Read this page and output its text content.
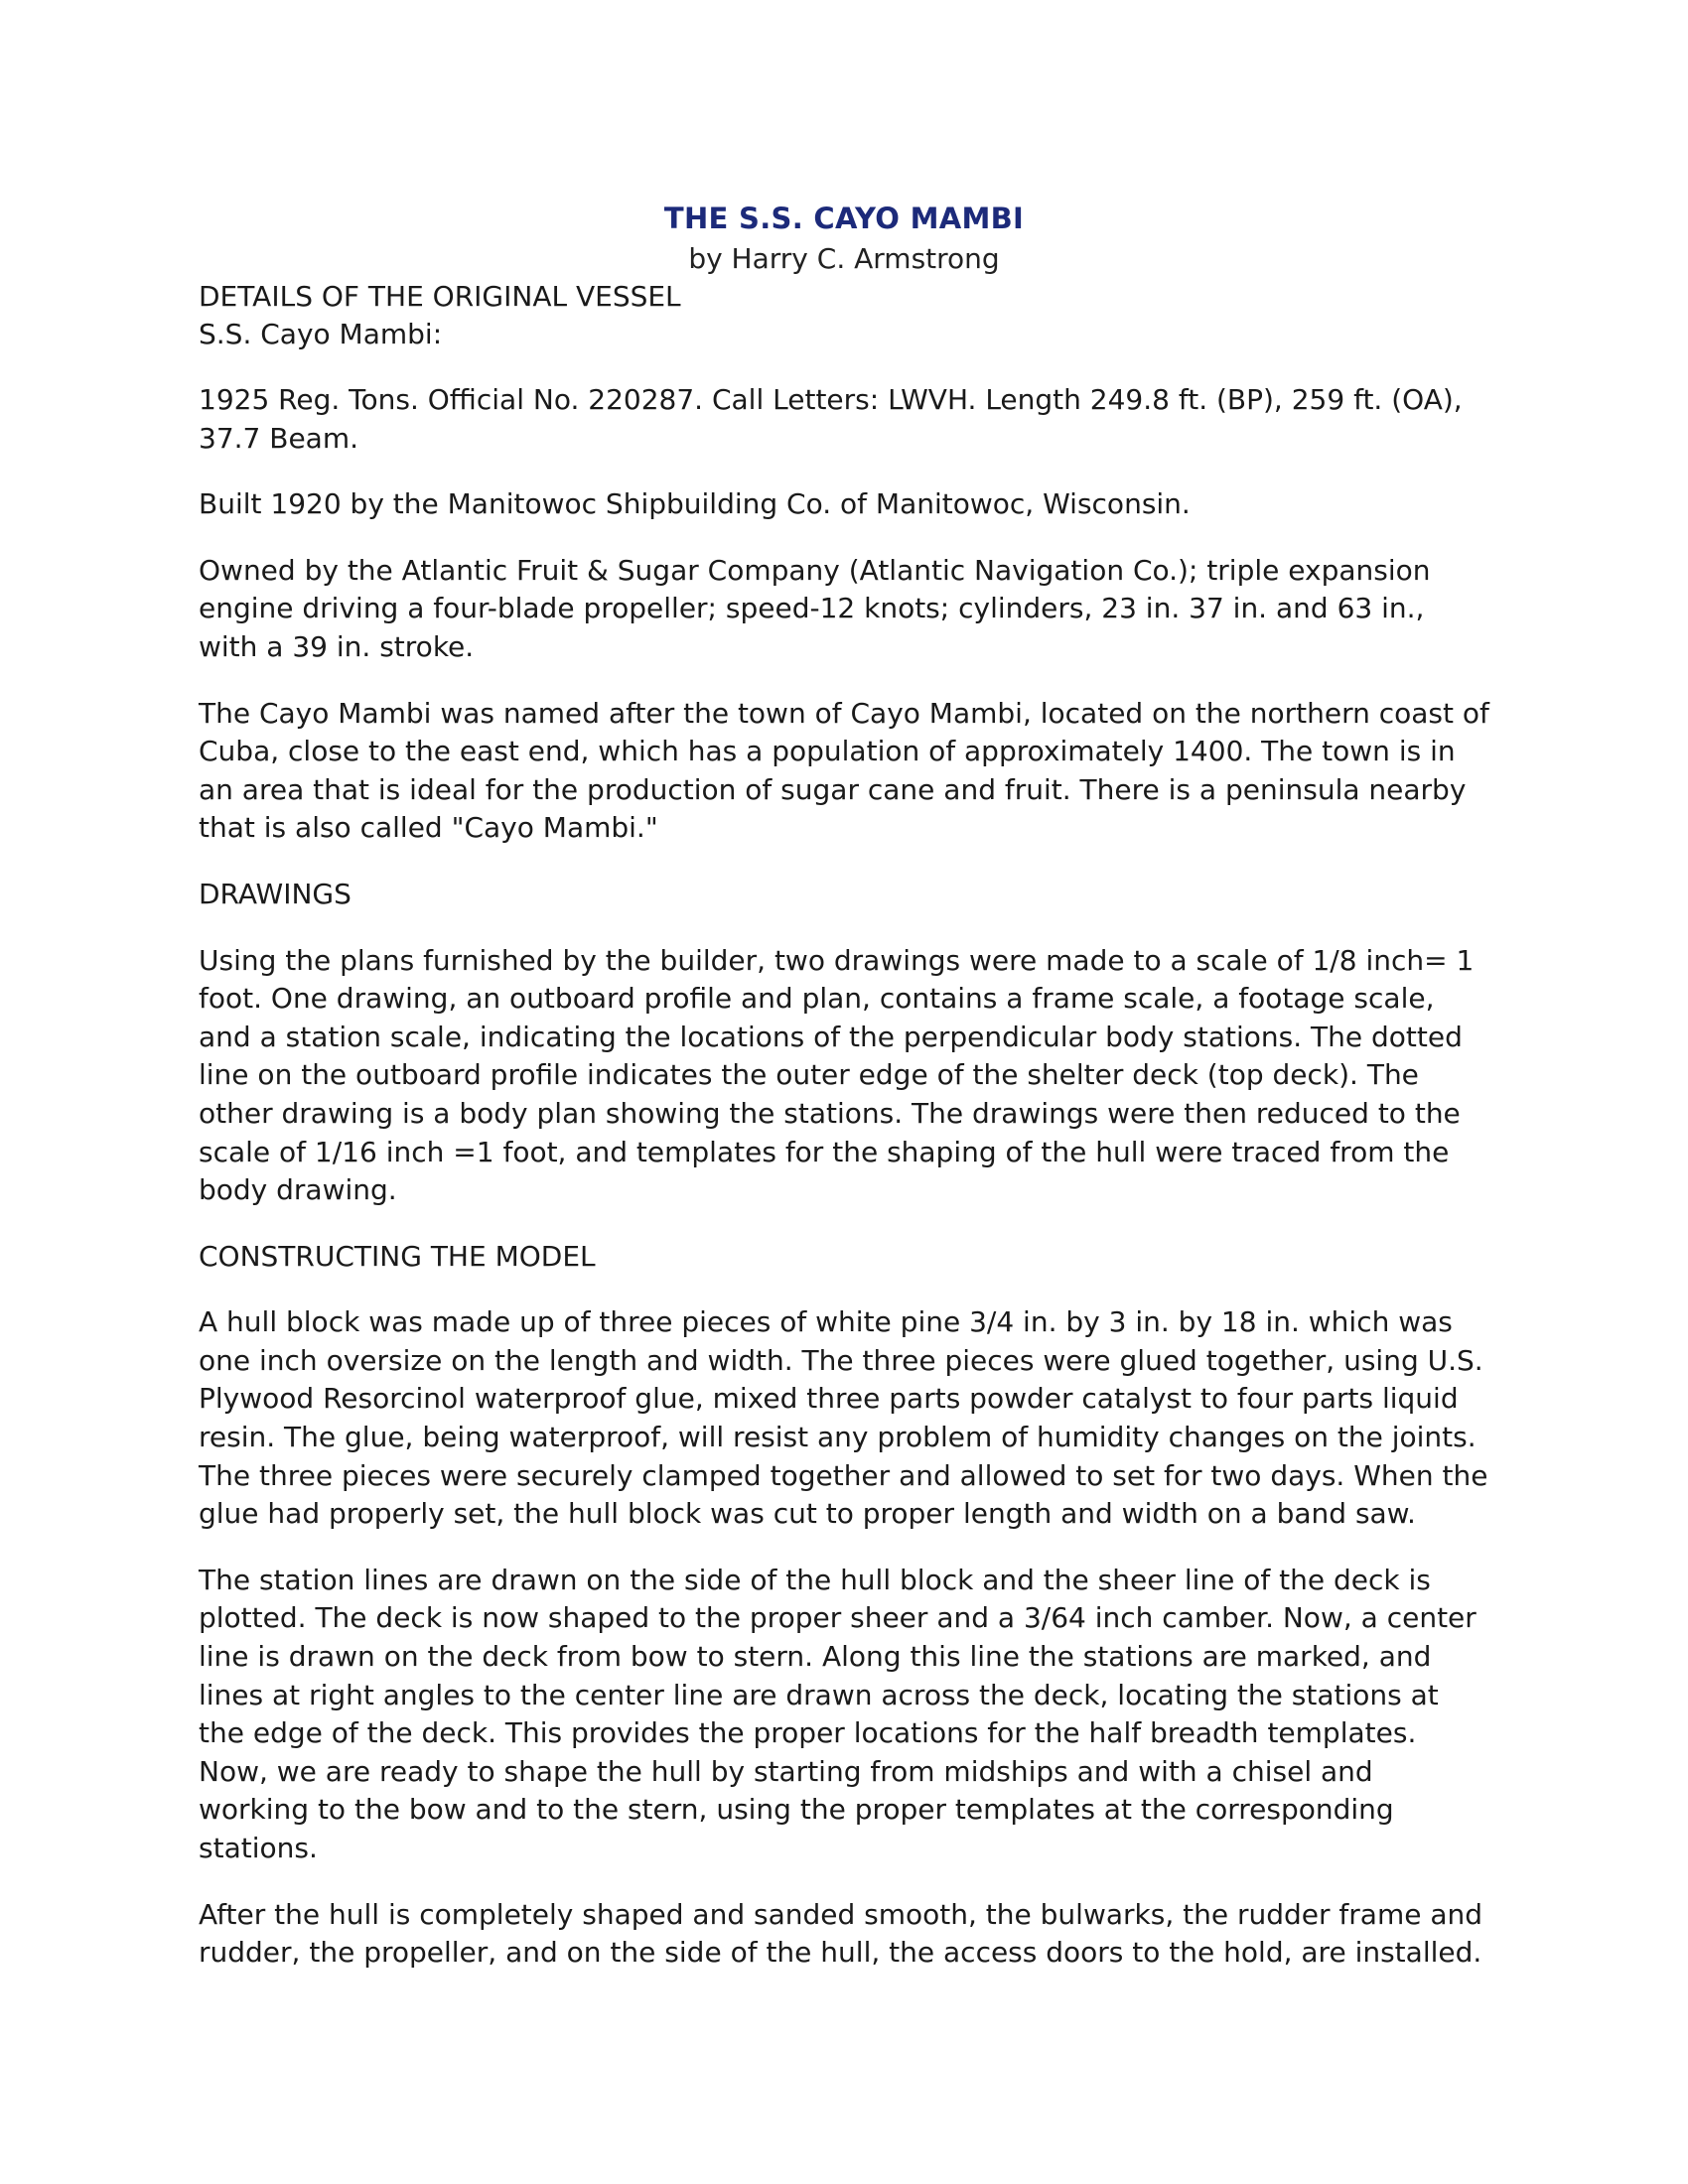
THE S.S. CAYO MAMBI
by Harry C. Armstrong
DETAILS OF THE ORIGINAL VESSEL
S.S. Cayo Mambi:

1925 Reg. Tons. Official No. 220287. Call Letters: LWVH. Length 249.8 ft. (BP), 259 ft. (OA), 37.7 Beam.

Built 1920 by the Manitowoc Shipbuilding Co. of Manitowoc, Wisconsin.

Owned by the Atlantic Fruit & Sugar Company (Atlantic Navigation Co.); triple expansion engine driving a four-blade propeller; speed-12 knots; cylinders, 23 in. 37 in. and 63 in., with a 39 in. stroke.

The Cayo Mambi was named after the town of Cayo Mambi, located on the northern coast of Cuba, close to the east end, which has a population of approximately 1400. The town is in an area that is ideal for the production of sugar cane and fruit. There is a peninsula nearby that is also called "Cayo Mambi."

DRAWINGS

Using the plans furnished by the builder, two drawings were made to a scale of 1/8 inch= 1 foot. One drawing, an outboard profile and plan, contains a frame scale, a footage scale, and a station scale, indicating the locations of the perpendicular body stations. The dotted line on the outboard profile indicates the outer edge of the shelter deck (top deck). The other drawing is a body plan showing the stations. The drawings were then reduced to the scale of 1/16 inch =1 foot, and templates for the shaping of the hull were traced from the body drawing.

CONSTRUCTING THE MODEL

A hull block was made up of three pieces of white pine 3/4 in. by 3 in. by 18 in. which was one inch oversize on the length and width. The three pieces were glued together, using U.S. Plywood Resorcinol waterproof glue, mixed three parts powder catalyst to four parts liquid resin. The glue, being waterproof, will resist any problem of humidity changes on the joints. The three pieces were securely clamped together and allowed to set for two days. When the glue had properly set, the hull block was cut to proper length and width on a band saw.

The station lines are drawn on the side of the hull block and the sheer line of the deck is plotted. The deck is now shaped to the proper sheer and a 3/64 inch camber. Now, a center line is drawn on the deck from bow to stern. Along this line the stations are marked, and lines at right angles to the center line are drawn across the deck, locating the stations at the edge of the deck. This provides the proper locations for the half breadth templates. Now, we are ready to shape the hull by starting from midships and with a chisel and working to the bow and to the stern, using the proper templates at the corresponding stations.

After the hull is completely shaped and sanded smooth, the bulwarks, the rudder frame and rudder, the propeller, and on the side of the hull, the access doors to the hold, are installed.
